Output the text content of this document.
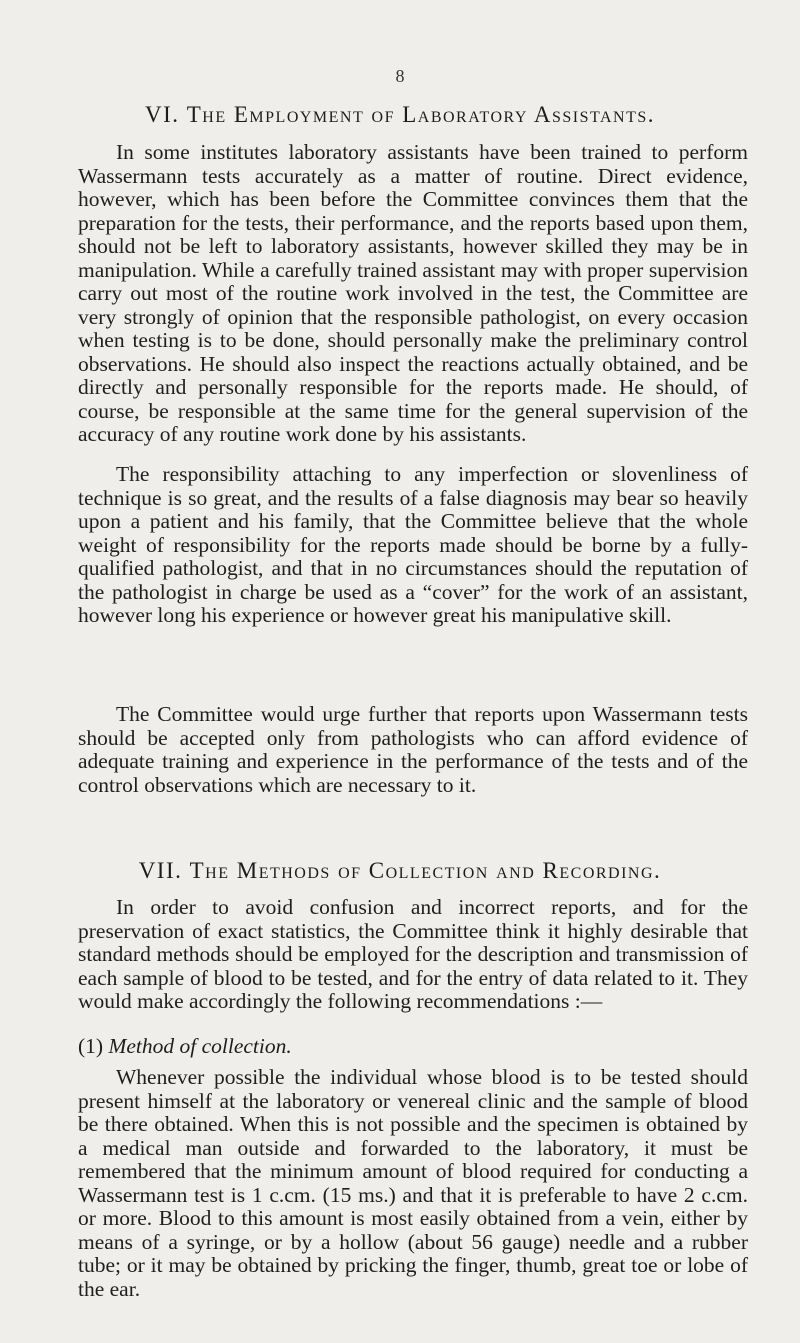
8
VI. The Employment of Laboratory Assistants.

In some institutes laboratory assistants have been trained to perform Wassermann tests accurately as a matter of routine. Direct evidence, however, which has been before the Committee convinces them that the preparation for the tests, their performance, and the reports based upon them, should not be left to laboratory assistants, however skilled they may be in manipulation. While a carefully trained assistant may with proper supervision carry out most of the routine work involved in the test, the Committee are very strongly of opinion that the responsible pathologist, on every occasion when testing is to be done, should personally make the preliminary control observations. He should also inspect the reactions actually obtained, and be directly and personally responsible for the reports made. He should, of course, be responsible at the same time for the general supervision of the accuracy of any routine work done by his assistants.

The responsibility attaching to any imperfection or slovenliness of technique is so great, and the results of a false diagnosis may bear so heavily upon a patient and his family, that the Committee believe that the whole weight of responsibility for the reports made should be borne by a fully-qualified pathologist, and that in no circumstances should the reputation of the pathologist in charge be used as a “cover” for the work of an assistant, however long his experience or however great his manipulative skill.

The Committee would urge further that reports upon Wassermann tests should be accepted only from pathologists who can afford evidence of adequate training and experience in the performance of the tests and of the control observations which are necessary to it.

VII. The Methods of Collection and Recording.

In order to avoid confusion and incorrect reports, and for the preservation of exact statistics, the Committee think it highly desirable that standard methods should be employed for the description and transmission of each sample of blood to be tested, and for the entry of data related to it. They would make accordingly the following recommendations :—

(1) Method of collection.

Whenever possible the individual whose blood is to be tested should present himself at the laboratory or venereal clinic and the sample of blood be there obtained. When this is not possible and the specimen is obtained by a medical man outside and forwarded to the laboratory, it must be remembered that the minimum amount of blood required for conducting a Wassermann test is 1 c.cm. (15 ms.) and that it is preferable to have 2 c.cm. or more. Blood to this amount is most easily obtained from a vein, either by means of a syringe, or by a hollow (about 56 gauge) needle and a rubber tube; or it may be obtained by pricking the finger, thumb, great toe or lobe of the ear.
